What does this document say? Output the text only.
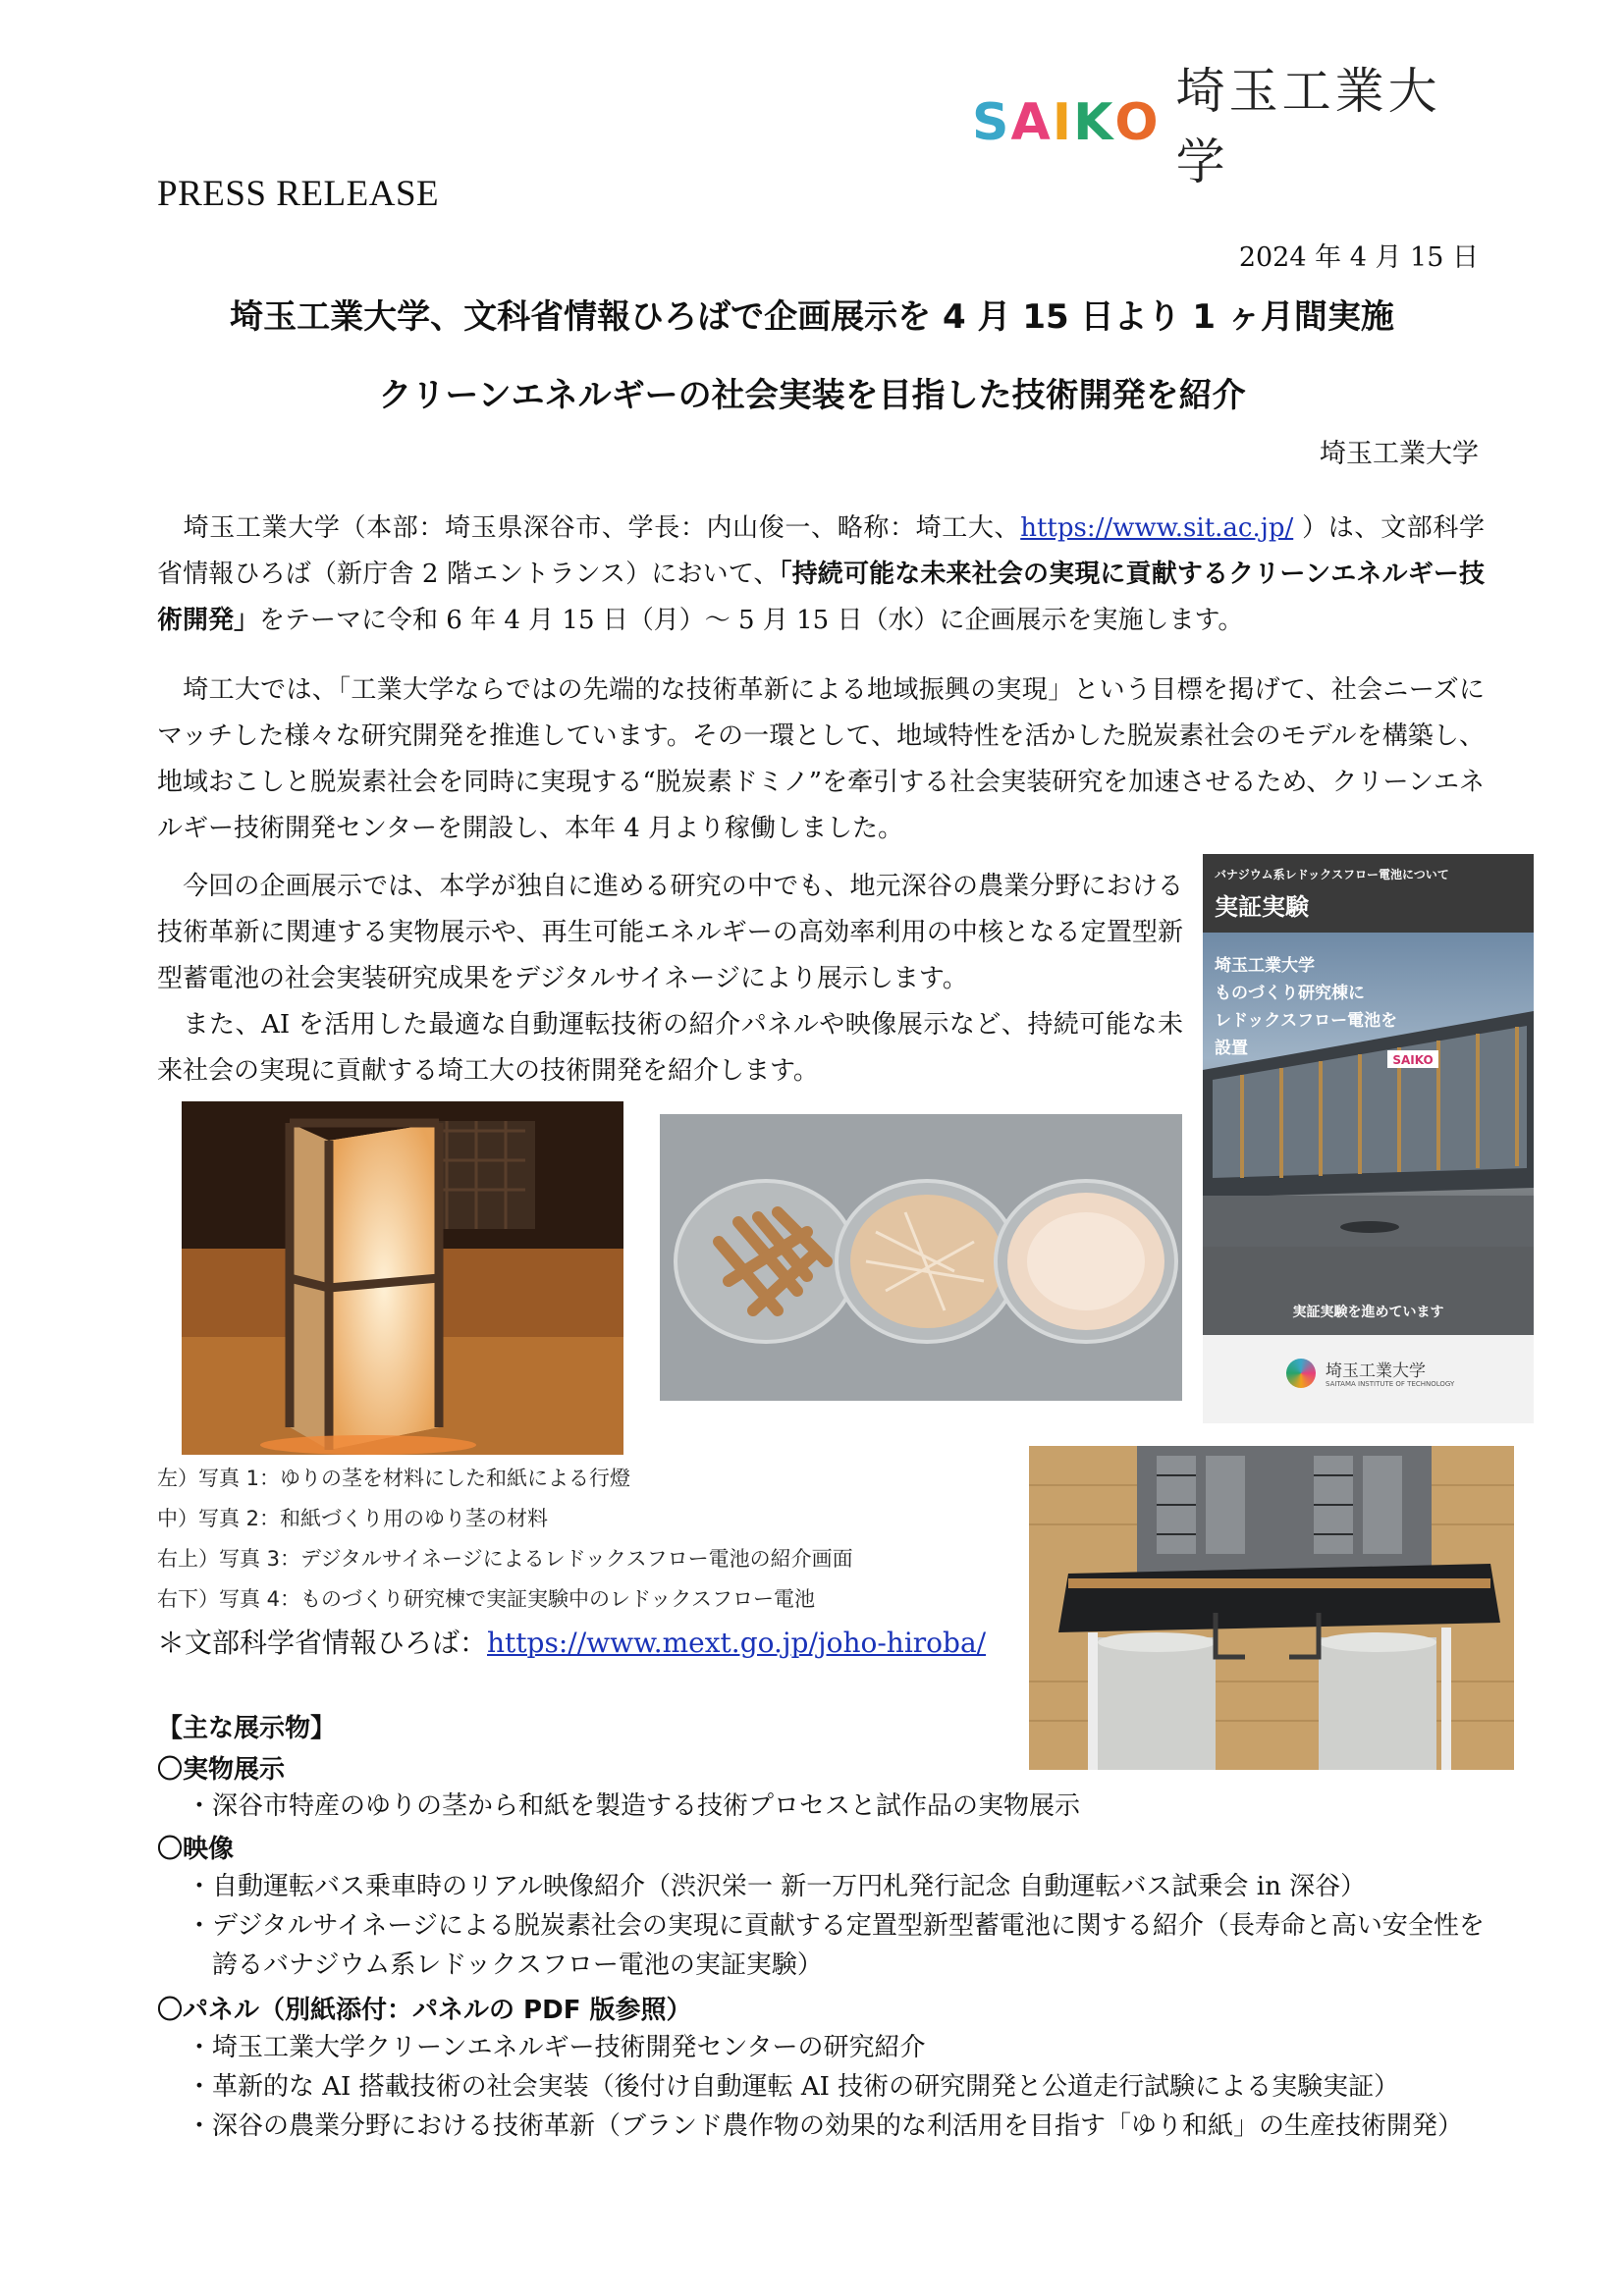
S A I K O
埼玉工業大学
PRESS RELEASE
2024 年 4 月 15 日
埼玉工業大学、文科省情報ひろばで企画展示を 4 月 15 日より 1 ヶ月間実施
クリーンエネルギーの社会実装を目指した技術開発を紹介
埼玉工業大学
 埼玉工業大学（本部：埼玉県深谷市、学長：内山俊一、略称：埼工大、https://www.sit.ac.jp/ ）は、文部科学省情報ひろば（新庁舎 2 階エントランス）において、「持続可能な未来社会の実現に貢献するクリーンエネルギー技術開発」をテーマに令和 6 年 4 月 15 日（月）～ 5 月 15 日（水）に企画展示を実施します。
 埼工大では、「工業大学ならではの先端的な技術革新による地域振興の実現」という目標を掲げて、社会ニーズにマッチした様々な研究開発を推進しています。その一環として、地域特性を活かした脱炭素社会のモデルを構築し、地域おこしと脱炭素社会を同時に実現する“脱炭素ドミノ”を牽引する社会実装研究を加速させるため、クリーンエネルギー技術開発センターを開設し、本年 4 月より稼働しました。
 今回の企画展示では、本学が独自に進める研究の中でも、地元深谷の農業分野における技術革新に関連する実物展示や、再生可能エネルギーの高効率利用の中核となる定置型新型蓄電池の社会実装研究成果をデジタルサイネージにより展示します。
 また、AI を活用した最適な自動運転技術の紹介パネルや映像展示など、持続可能な未来社会の実現に貢献する埼工大の技術開発を紹介します。
バナジウム系レドックスフロー電池について
実証実験
SAIKO
埼玉工業大学
ものづくり研究棟に
レドックスフロー電池を
設置
実証実験を進めています
埼玉工業大学
SAITAMA INSTITUTE OF TECHNOLOGY
左）写真 1：ゆりの茎を材料にした和紙による行燈
中）写真 2：和紙づくり用のゆり茎の材料
右上）写真 3：デジタルサイネージによるレドックスフロー電池の紹介画面
右下）写真 4：ものづくり研究棟で実証実験中のレドックスフロー電池
＊文部科学省情報ひろば：https://www.mext.go.jp/joho-hiroba/
【主な展示物】
〇実物展示
・深谷市特産のゆりの茎から和紙を製造する技術プロセスと試作品の実物展示
〇映像
・自動運転バス乗車時のリアル映像紹介（渋沢栄一 新一万円札発行記念 自動運転バス試乗会 in 深谷）
・デジタルサイネージによる脱炭素社会の実現に貢献する定置型新型蓄電池に関する紹介（長寿命と高い安全性を誇るバナジウム系レドックスフロー電池の実証実験）
〇パネル（別紙添付：パネルの PDF 版参照）
・埼玉工業大学クリーンエネルギー技術開発センターの研究紹介
・革新的な AI 搭載技術の社会実装（後付け自動運転 AI 技術の研究開発と公道走行試験による実験実証）
・深谷の農業分野における技術革新（ブランド農作物の効果的な利活用を目指す「ゆり和紙」の生産技術開発）
